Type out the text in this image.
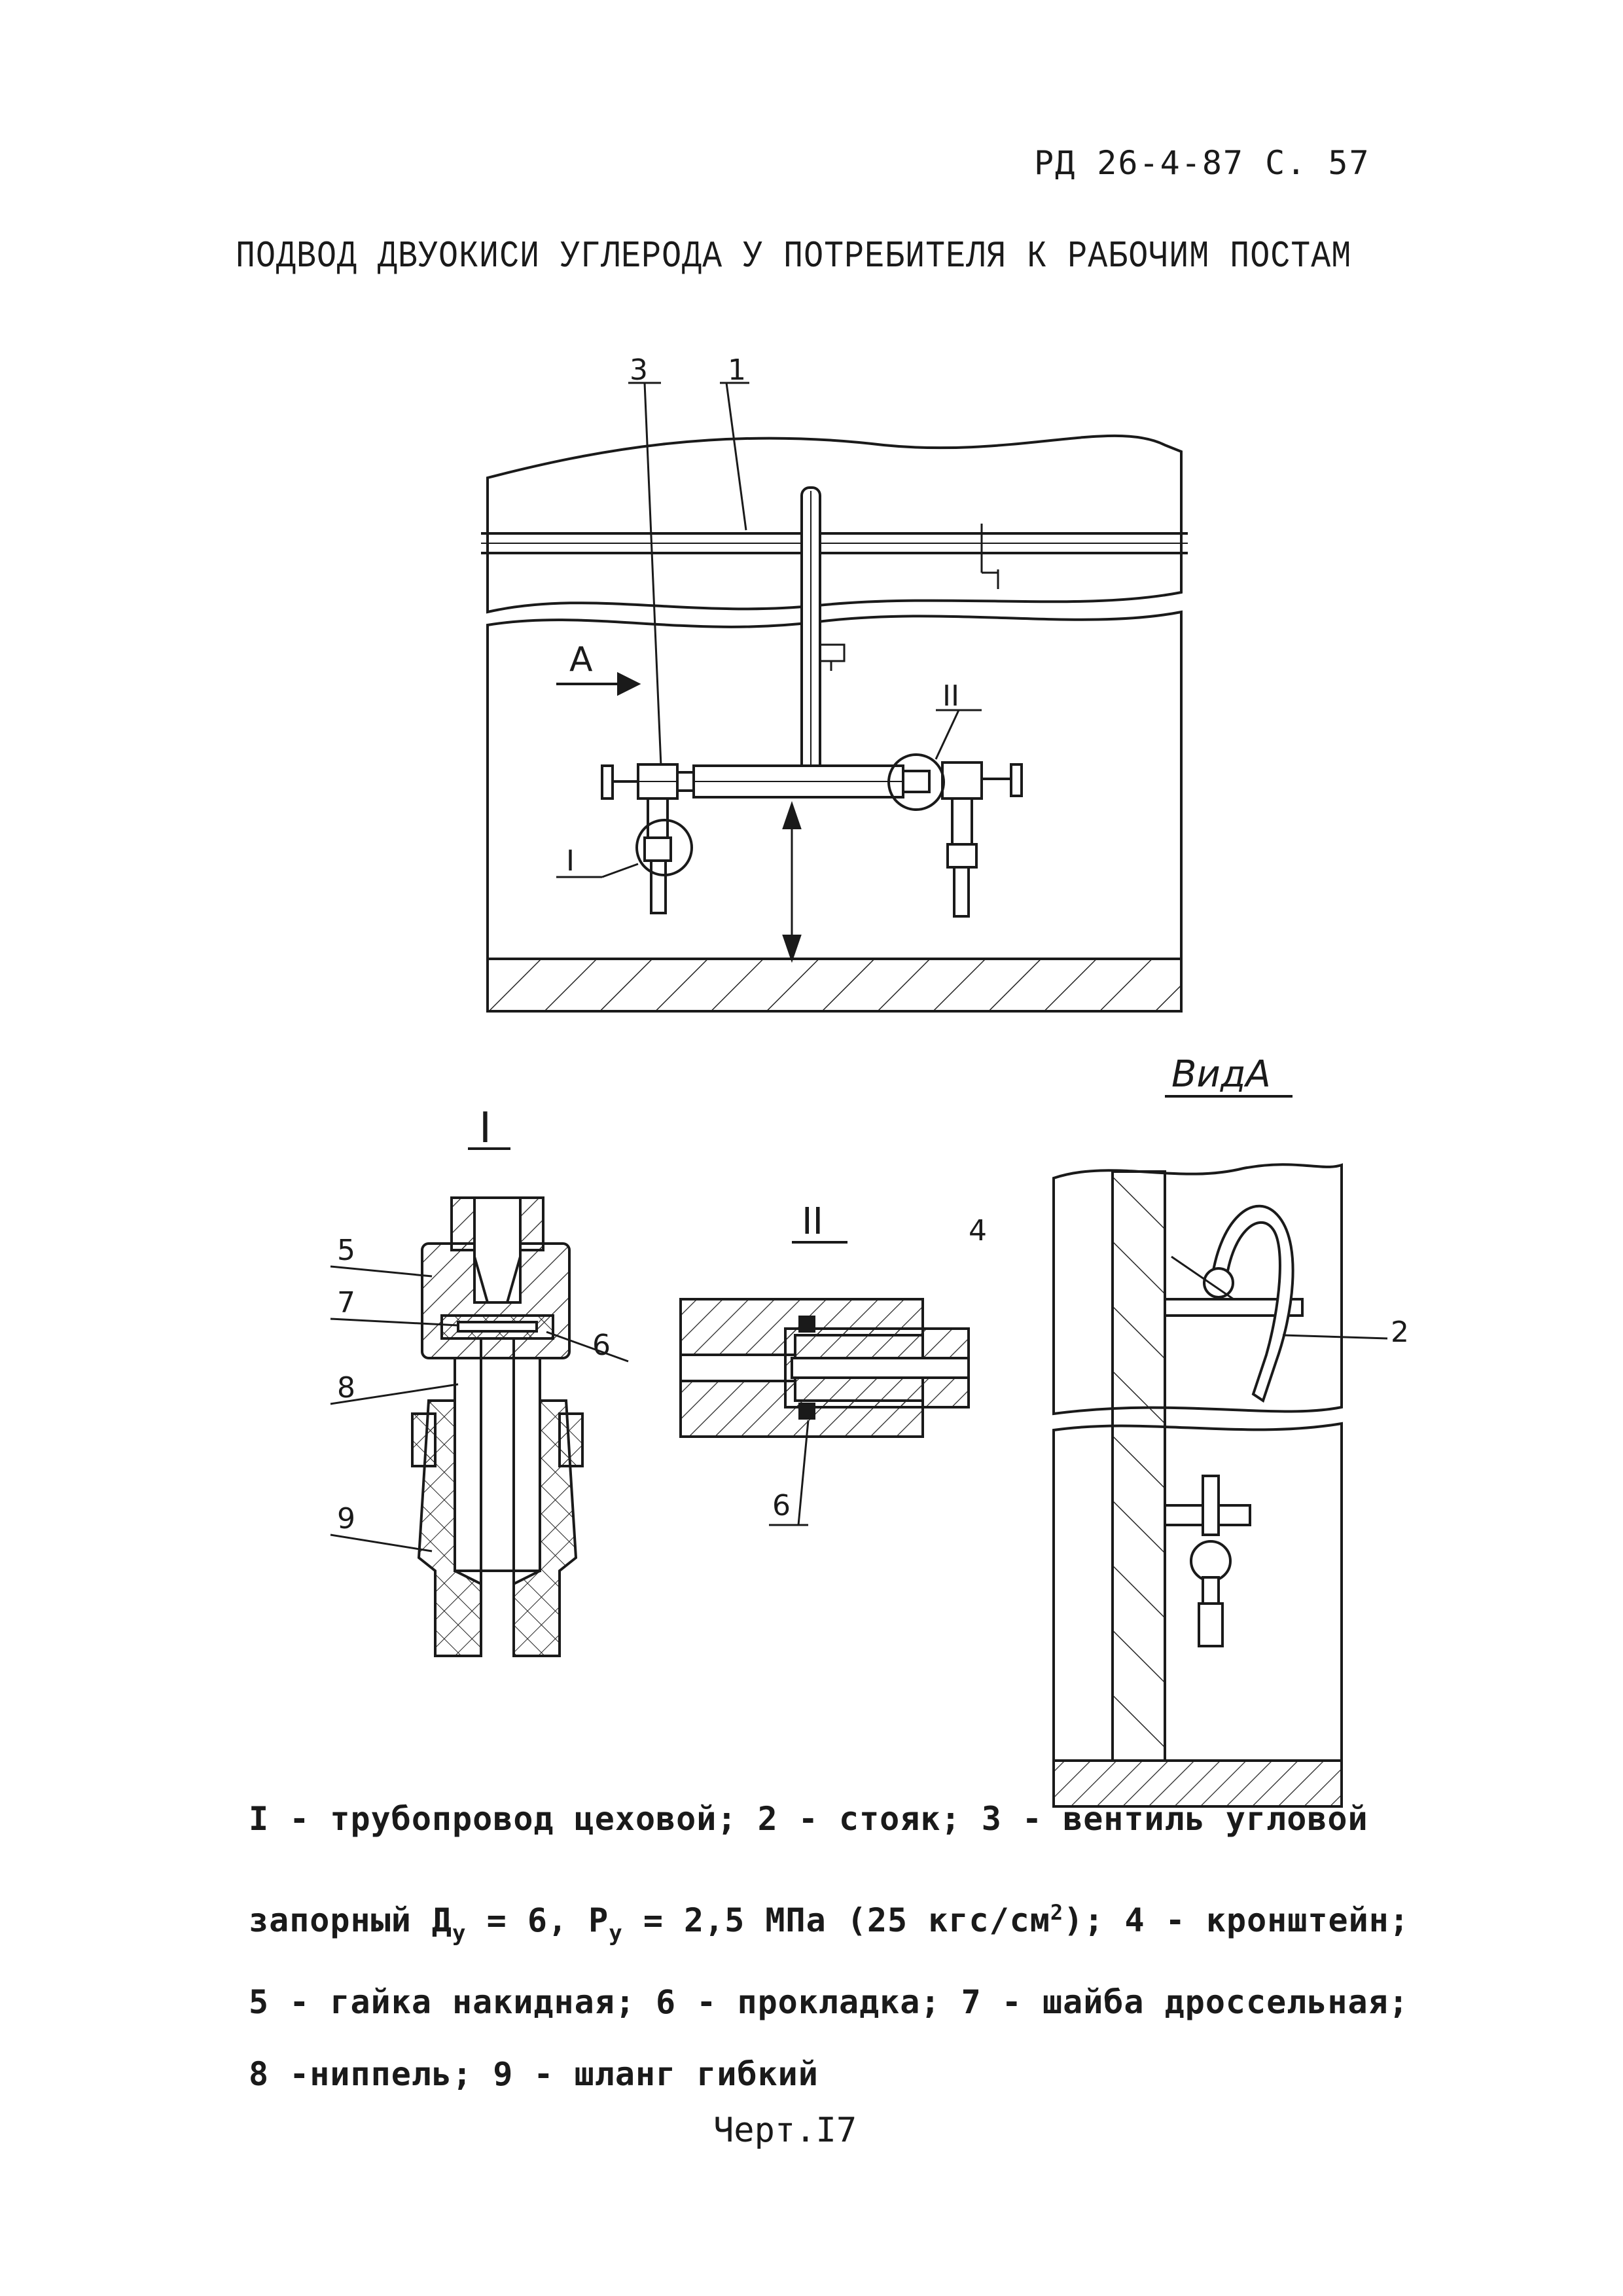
РД 26-4-87 С. 57
ПОДВОД ДВУОКИСИ УГЛЕРОДА У ПОТРЕБИТЕЛЯ К РАБОЧИМ ПОСТАМ
3	1
А
I
II
I
5
7
6
8
9
II
6
ВидА
4
2
I - трубопровод цеховой; 2 - стояк; 3 - вентиль угловой
запорный $Д_у = 6$, $Р_у = 2,5$ МПа (25 кгс/$см^2$); 4 - кронштейн;
5 - гайка накидная; 6 - прокладка; 7 - шайба дроссельная;
8 -ниппель; 9 - шланг гибкий
Черт.I7
